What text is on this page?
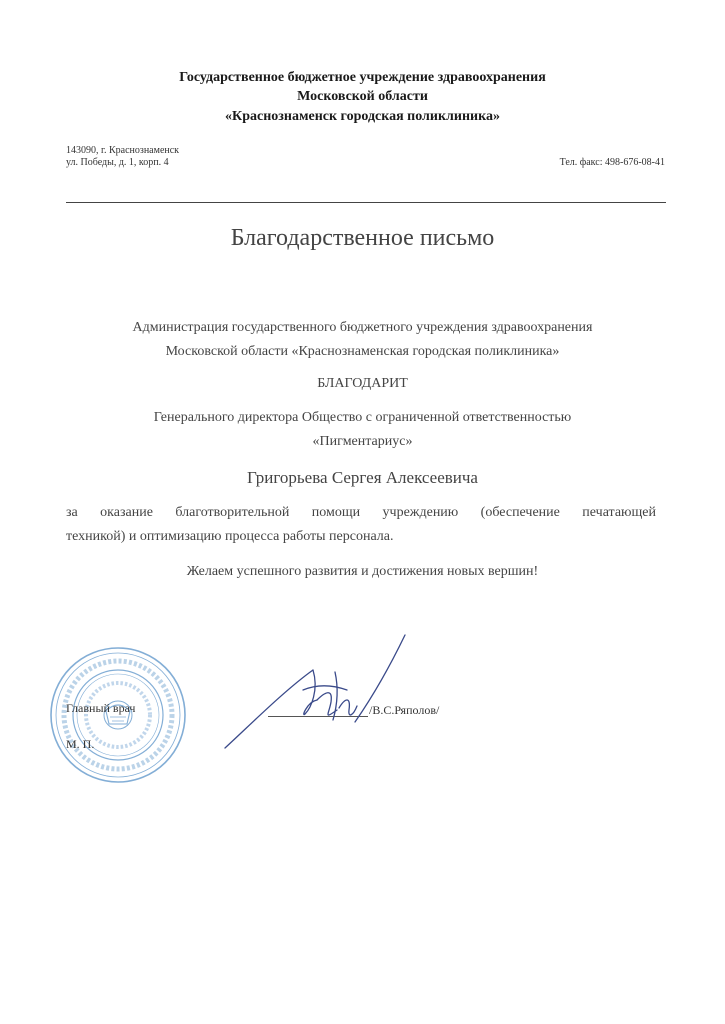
Государственное бюджетное учреждение здравоохранения
Московской области
«Краснознаменск городская поликлиника»
143090, г. Краснознаменск
ул. Победы, д. 1, корп. 4	Тел. факс: 498-676-08-41
Благодарственное письмо
Администрация государственного бюджетного учреждения здравоохранения
Московской области «Краснознаменская городская поликлиника»
БЛАГОДАРИТ
Генерального директора Общество с ограниченной ответственностью
«Пигментариус»
Григорьева Сергея Алексеевича
за оказание благотворительной помощи учреждению (обеспечение печатающей
техникой) и оптимизацию процесса работы персонала.
Желаем успешного развития и достижения новых вершин!
Главный врач
М. П.
/В.С.Ряполов/
